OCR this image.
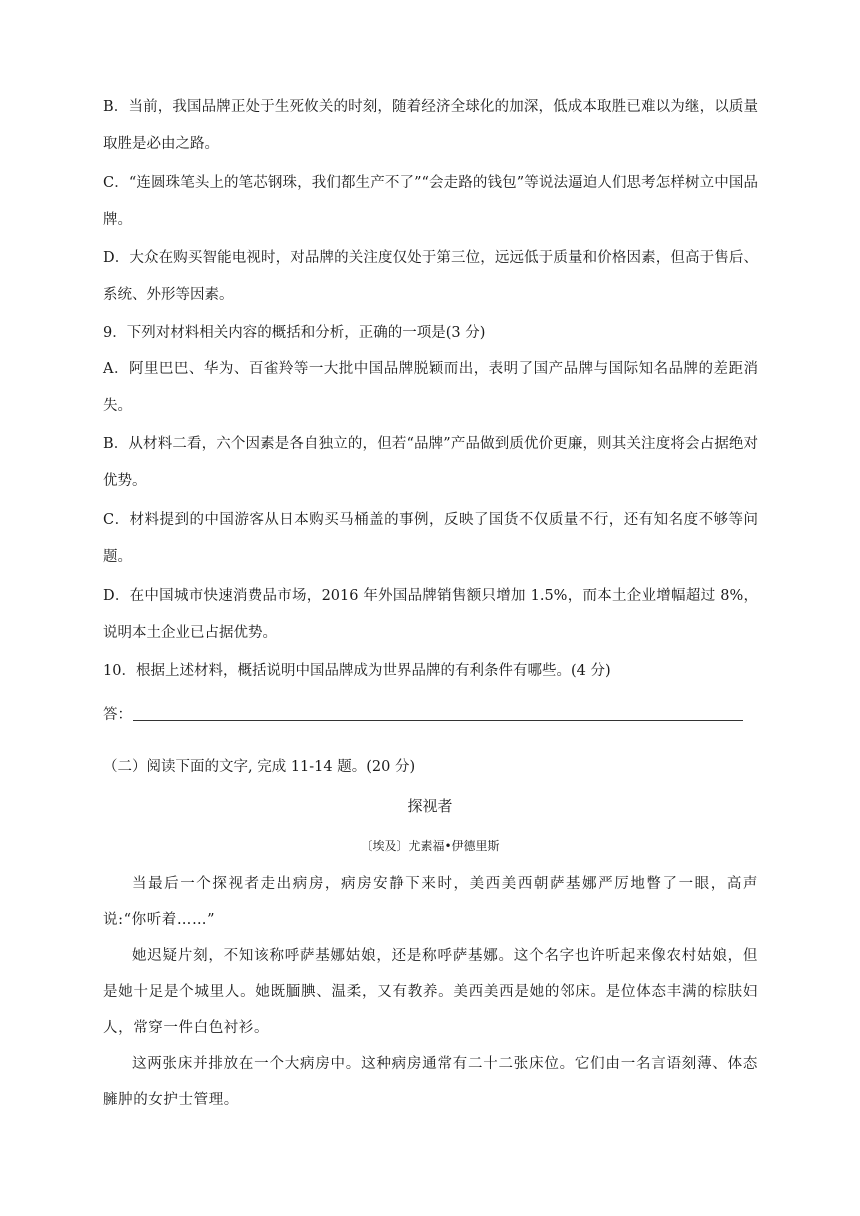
B．当前，我国品牌正处于生死攸关的时刻，随着经济全球化的加深，低成本取胜已难以为继，以质量取胜是必由之路。

C．“连圆珠笔头上的笔芯钢珠，我们都生产不了”“会走路的钱包”等说法逼迫人们思考怎样树立中国品牌。

D．大众在购买智能电视时，对品牌的关注度仅处于第三位，远远低于质量和价格因素，但高于售后、系统、外形等因素。

9．下列对材料相关内容的概括和分析，正确的一项是(3 分)

A．阿里巴巴、华为、百雀羚等一大批中国品牌脱颖而出，表明了国产品牌与国际知名品牌的差距消失。

B．从材料二看，六个因素是各自独立的，但若“品牌”产品做到质优价更廉，则其关注度将会占据绝对优势。

C．材料提到的中国游客从日本购买马桶盖的事例，反映了国货不仅质量不行，还有知名度不够等问题。

D．在中国城市快速消费品市场，2016 年外国品牌销售额只增加 1.5%，而本土企业增幅超过 8%，说明本土企业已占据优势。

10．根据上述材料，概括说明中国品牌成为世界品牌的有利条件有哪些。(4 分)

答：

（二）阅读下面的文字, 完成 11-14 题。(20 分)

探视者

〔埃及〕尤素福•伊德里斯

当最后一个探视者走出病房，病房安静下来时，美西美西朝萨基娜严厉地瞥了一眼，高声说:“你听着……”

她迟疑片刻，不知该称呼萨基娜姑娘，还是称呼萨基娜。这个名字也许听起来像农村姑娘，但是她十足是个城里人。她既腼腆、温柔，又有教养。美西美西是她的邻床。是位体态丰满的棕肤妇人，常穿一件白色衬衫。

这两张床并排放在一个大病房中。这种病房通常有二十二张床位。它们由一名言语刻薄、体态臃肿的女护士管理。
